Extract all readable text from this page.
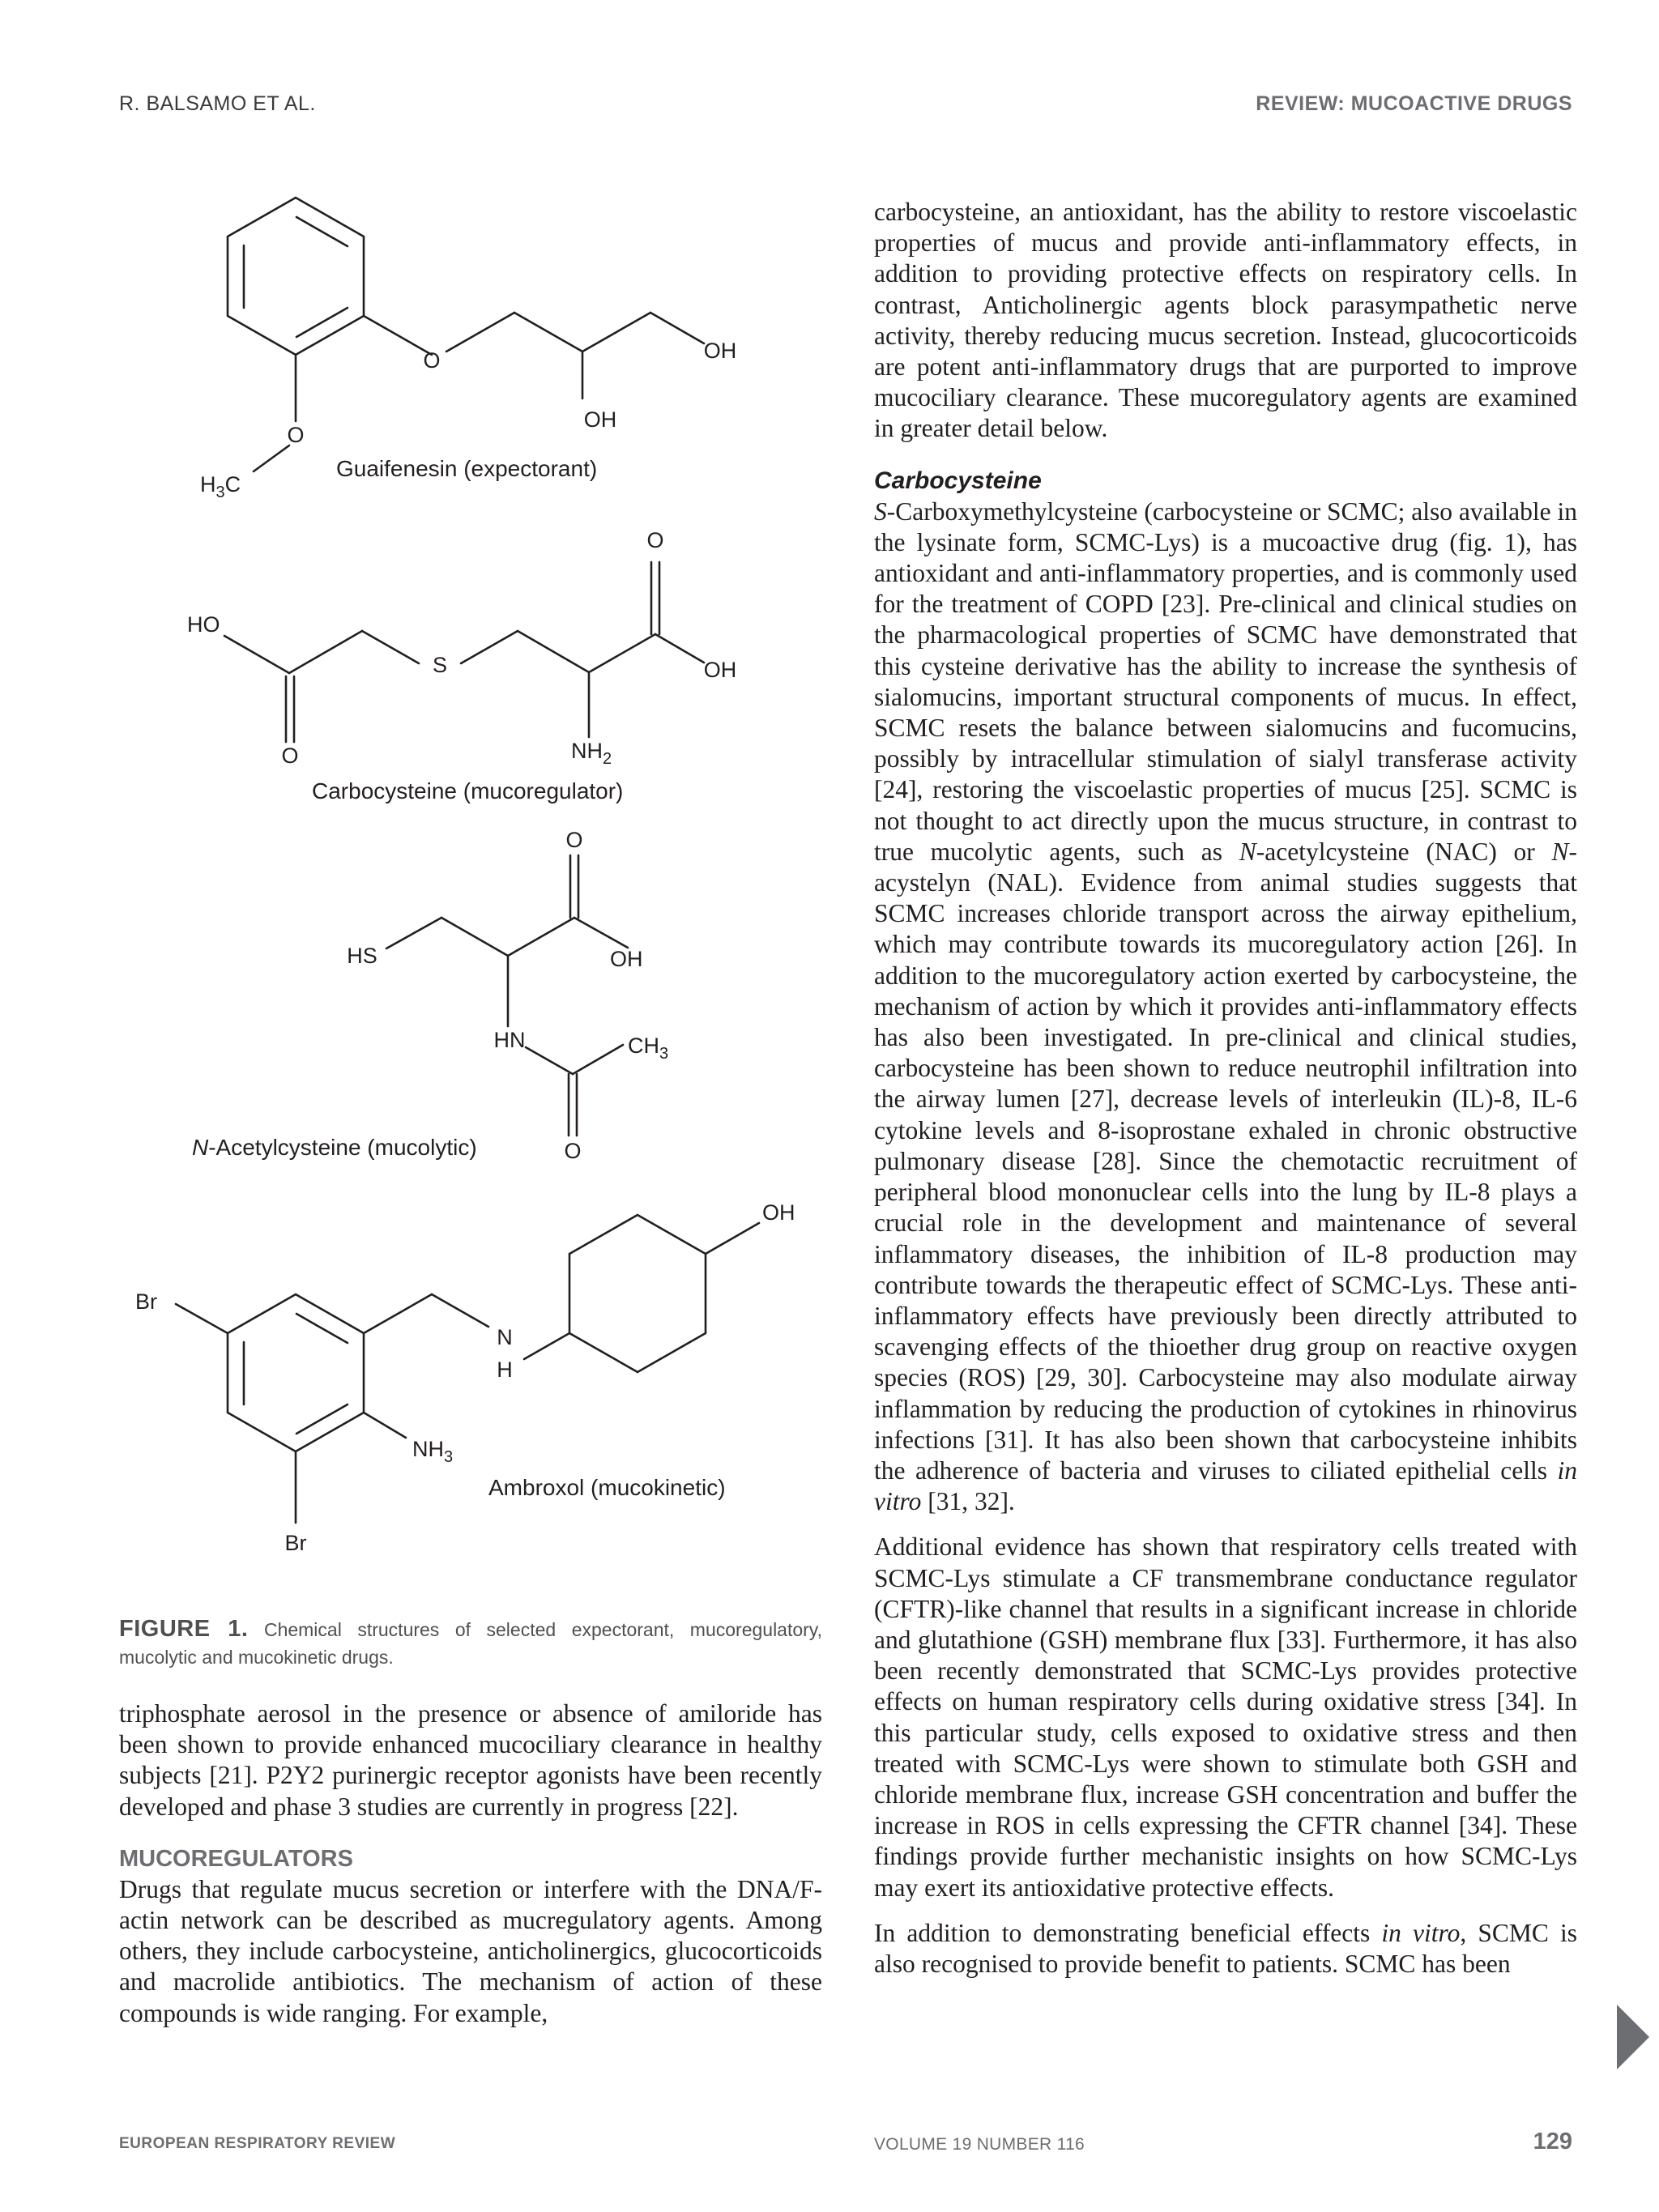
R. BALSAMO ET AL.	REVIEW: MUCOACTIVE DRUGS
O	OH
OH
O
$H_3C$
Guaifenesin (expectorant)
O
HO
S	OH
O	$NH_2$
Carbocysteine (mucoregulator)
O
HS	OH
HN	$CH_3$
O
N-Acetylcysteine (mucolytic)
OH
Br
N
H
$NH_3$
Br
Ambroxol (mucokinetic)
FIGURE 1. Chemical structures of selected expectorant, mucoregulatory, mucolytic and mucokinetic drugs.

triphosphate aerosol in the presence or absence of amiloride has been shown to provide enhanced mucociliary clearance in healthy subjects [21]. P2Y2 purinergic receptor agonists have been recently developed and phase 3 studies are currently in progress [22].

MUCOREGULATORS

Drugs that regulate mucus secretion or interfere with the DNA/F-actin network can be described as mucregulatory agents. Among others, they include carbocysteine, anticholinergics, glucocorticoids and macrolide antibiotics. The mechanism of action of these compounds is wide ranging. For example,

carbocysteine, an antioxidant, has the ability to restore viscoelastic properties of mucus and provide anti-inflammatory effects, in addition to providing protective effects on respiratory cells. In contrast, Anticholinergic agents block parasympathetic nerve activity, thereby reducing mucus secretion. Instead, glucocorticoids are potent anti-inflammatory drugs that are purported to improve mucociliary clearance. These mucoregulatory agents are examined in greater detail below.

Carbocysteine

S-Carboxymethylcysteine (carbocysteine or SCMC; also available in the lysinate form, SCMC-Lys) is a mucoactive drug (fig. 1), has antioxidant and anti-inflammatory properties, and is commonly used for the treatment of COPD [23]. Pre-clinical and clinical studies on the pharmacological properties of SCMC have demonstrated that this cysteine derivative has the ability to increase the synthesis of sialomucins, important structural components of mucus. In effect, SCMC resets the balance between sialomucins and fucomucins, possibly by intracellular stimulation of sialyl transferase activity [24], restoring the viscoelastic properties of mucus [25]. SCMC is not thought to act directly upon the mucus structure, in contrast to true mucolytic agents, such as N-acetylcysteine (NAC) or N-acystelyn (NAL). Evidence from animal studies suggests that SCMC increases chloride transport across the airway epithelium, which may contribute towards its mucoregulatory action [26]. In addition to the mucoregulatory action exerted by carbocysteine, the mechanism of action by which it provides anti-inflammatory effects has also been investigated. In pre-clinical and clinical studies, carbocysteine has been shown to reduce neutrophil infiltration into the airway lumen [27], decrease levels of interleukin (IL)-8, IL-6 cytokine levels and 8-isoprostane exhaled in chronic obstructive pulmonary disease [28]. Since the chemotactic recruitment of peripheral blood mononuclear cells into the lung by IL-8 plays a crucial role in the development and maintenance of several inflammatory diseases, the inhibition of IL-8 production may contribute towards the therapeutic effect of SCMC-Lys. These anti-inflammatory effects have previously been directly attributed to scavenging effects of the thioether drug group on reactive oxygen species (ROS) [29, 30]. Carbocysteine may also modulate airway inflammation by reducing the production of cytokines in rhinovirus infections [31]. It has also been shown that carbocysteine inhibits the adherence of bacteria and viruses to ciliated epithelial cells in vitro [31, 32].

Additional evidence has shown that respiratory cells treated with SCMC-Lys stimulate a CF transmembrane conductance regulator (CFTR)-like channel that results in a significant increase in chloride and glutathione (GSH) membrane flux [33]. Furthermore, it has also been recently demonstrated that SCMC-Lys provides protective effects on human respiratory cells during oxidative stress [34]. In this particular study, cells exposed to oxidative stress and then treated with SCMC-Lys were shown to stimulate both GSH and chloride membrane flux, increase GSH concentration and buffer the increase in ROS in cells expressing the CFTR channel [34]. These findings provide further mechanistic insights on how SCMC-Lys may exert its antioxidative protective effects.

In addition to demonstrating beneficial effects in vitro, SCMC is also recognised to provide benefit to patients. SCMC has been

EUROPEAN RESPIRATORY REVIEW	VOLUME 19 NUMBER 116	129
